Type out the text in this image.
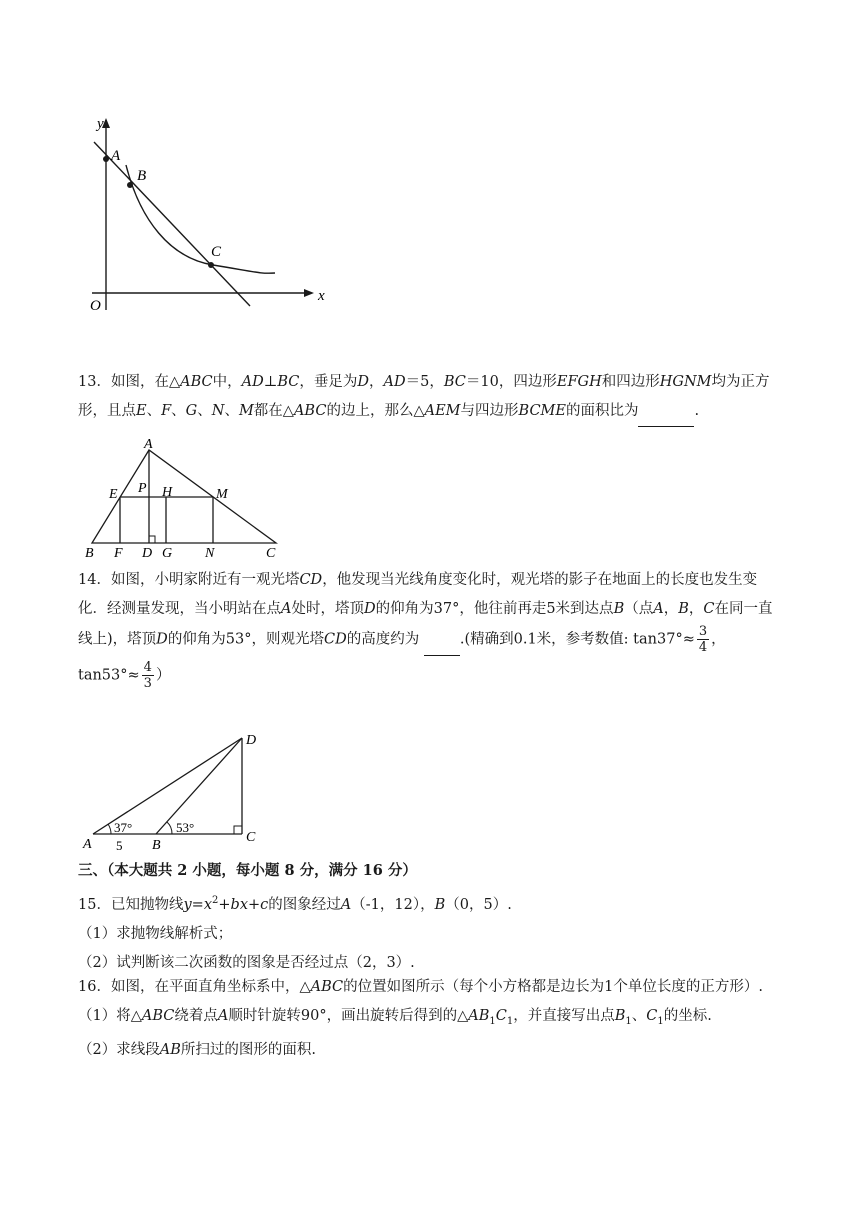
y
x
O
A
B
C

13．如图，在△ABC中，AD⊥BC，垂足为D，AD＝5，BC＝10，四边形EFGH和四边形HGNM均为正方形，且点E、F、G、N、M都在△ABC的边上，那么△AEM与四边形BCME的面积比为	.

A
E P H	M
B F D G N	C

14．如图，小明家附近有一观光塔CD，他发现当光线角度变化时，观光塔的影子在地面上的长度也发生变化．经测量发现，当小明站在点A处时，塔顶D的仰角为37°，他往前再走5米到达点B（点A，B，C在同一直线上)，塔顶D的仰角为53°，则观光塔CD的高度约为	.(精确到0.1米，参考数值: $\tan 37^\circ\approx \frac{3}{4}$ ，

$\tan 53^\circ\approx \frac{4}{3}$ ）

37°	53°
5
A	B
C
D

三、（本大题共 2 小题，每小题 8 分，满分 16 分）

15．已知抛物线$y=x^2+bx+c$的图象经过A（-1，12），B（0，5）.

（1）求抛物线解析式；

（2）试判断该二次函数的图象是否经过点（2，3）.

16．如图，在平面直角坐标系中，△ABC的位置如图所示（每个小方格都是边长为1个单位长度的正方形）.

（1）将△ABC绕着点A顺时针旋转90°，画出旋转后得到的$\triangle AB_1C_1$，并直接写出点$B_1$、$C_1$的坐标.

（2）求线段AB所扫过的图形的面积.
